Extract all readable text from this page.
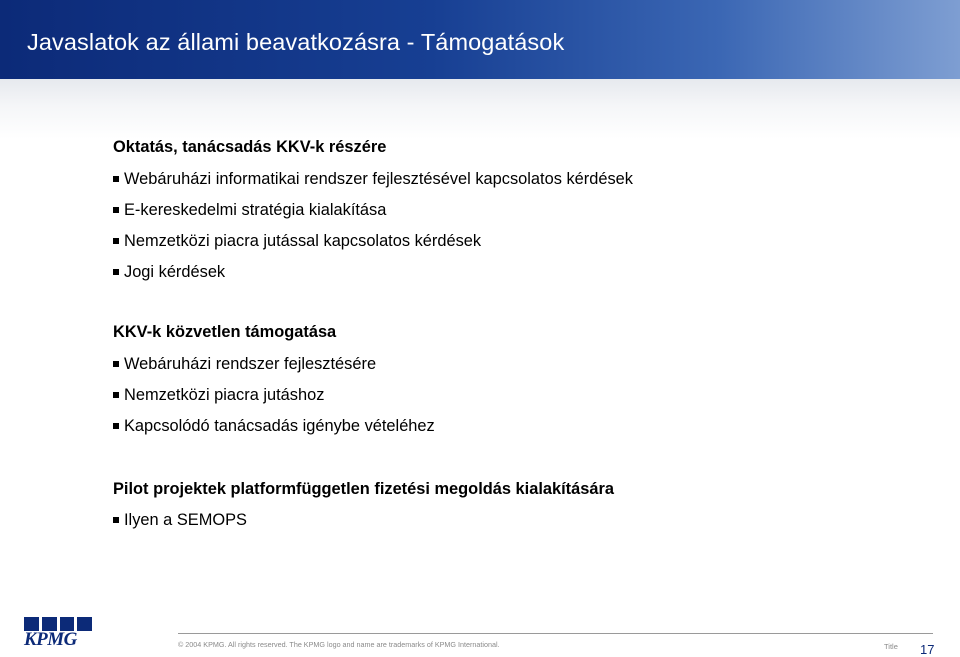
Javaslatok az állami beavatkozásra - Támogatások
Oktatás, tanácsadás KKV-k részére
Webáruházi informatikai rendszer fejlesztésével kapcsolatos kérdések
E-kereskedelmi stratégia kialakítása
Nemzetközi piacra jutással kapcsolatos kérdések
Jogi kérdések
KKV-k közvetlen támogatása
Webáruházi rendszer fejlesztésére
Nemzetközi piacra jutáshoz
Kapcsolódó tanácsadás igénybe vételéhez
Pilot projektek platformfüggetlen fizetési megoldás kialakítására
Ilyen a SEMOPS
KPMG	© 2004 KPMG. All rights reserved. The KPMG logo and name are trademarks of KPMG International.	Title 17
